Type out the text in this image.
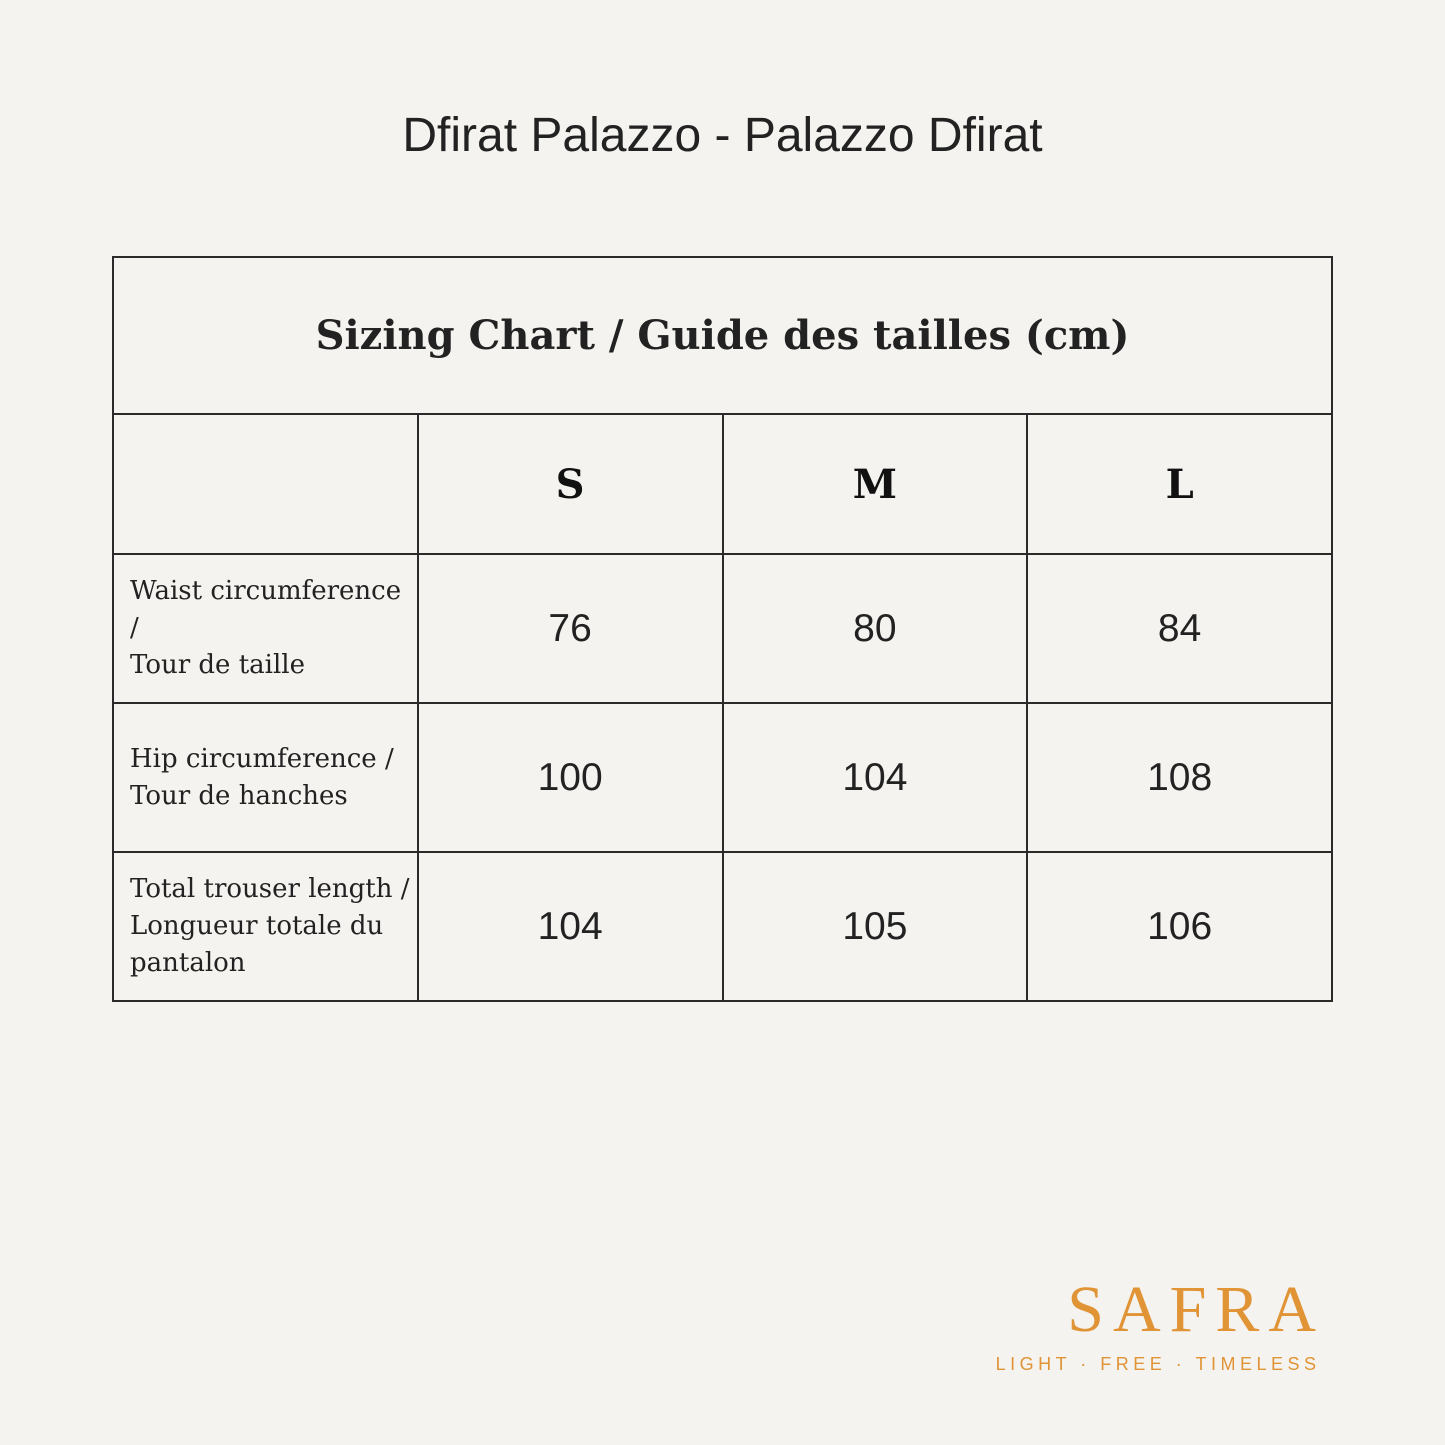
Dfirat Palazzo - Palazzo Dfirat
Sizing Chart / Guide des tailles (cm)			
	S	M	L

Waist circumference /
Tour de taille	76	80	84

Hip circumference /
Tour de hanches	100	104	108

Total trouser length /
Longueur totale du pantalon	104	105	106
SAFRA
LIGHT · FREE · TIMELESS
